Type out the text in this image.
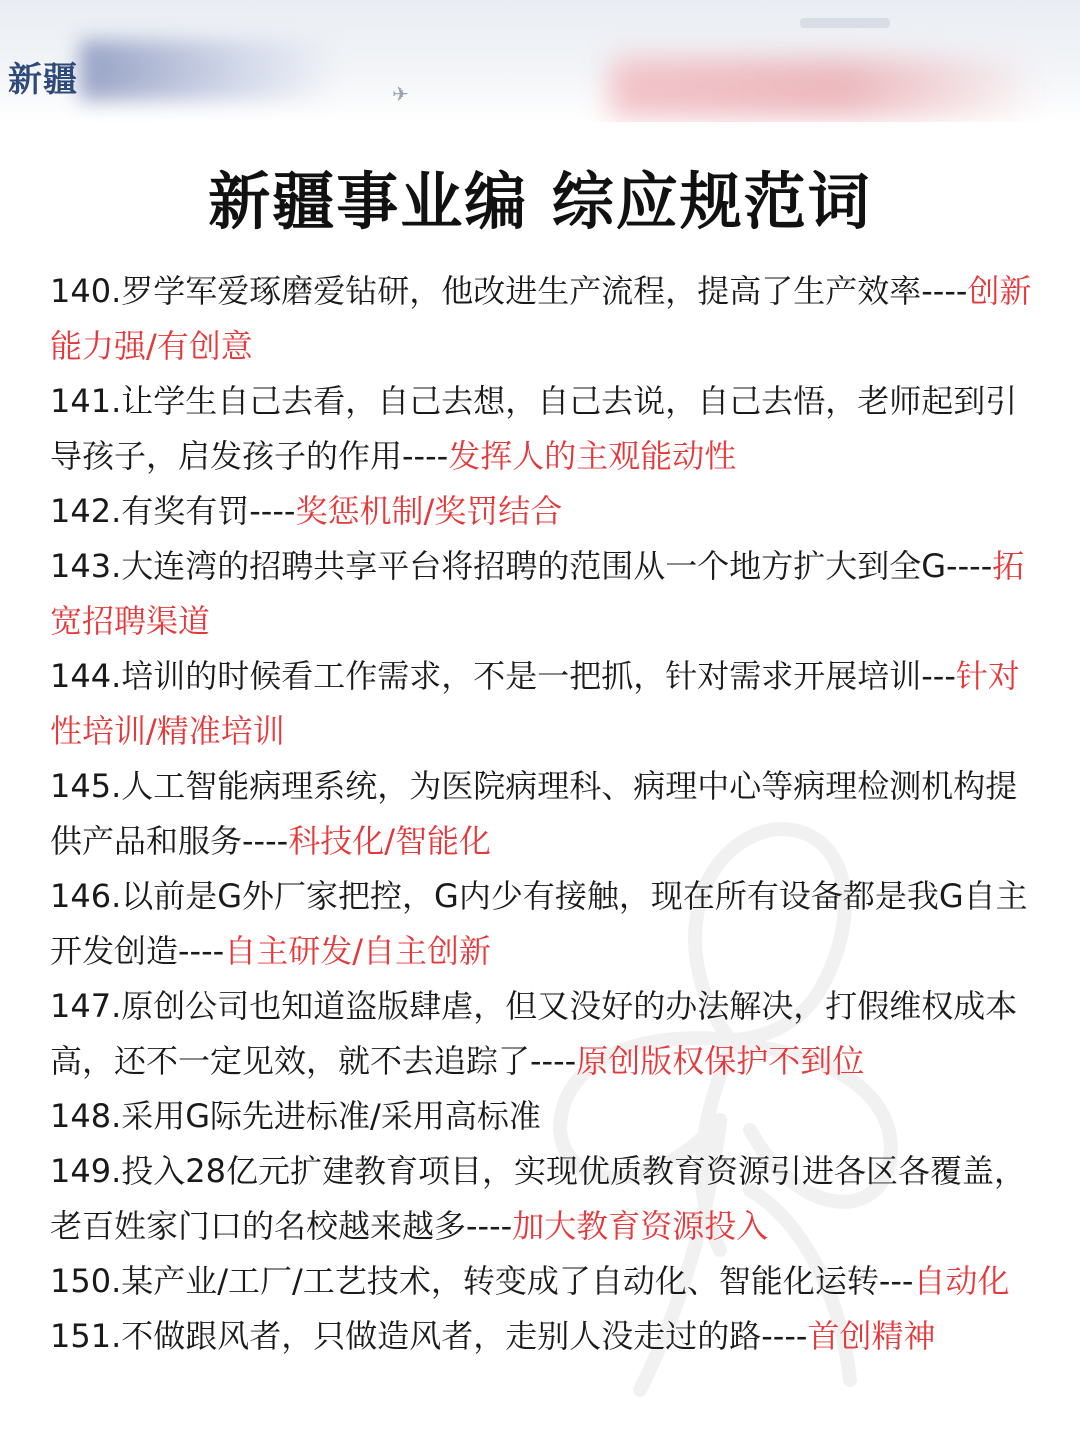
✈
新疆
新疆事业编 综应规范词
140.罗学军爱琢磨爱钻研，他改进生产流程，提高了生产效率----创新能力强/有创意
141.让学生自己去看，自己去想，自己去说，自己去悟，老师起到引导孩子，启发孩子的作用----发挥人的主观能动性
142.有奖有罚----奖惩机制/奖罚结合
143.大连湾的招聘共享平台将招聘的范围从一个地方扩大到全G----拓宽招聘渠道
144.培训的时候看工作需求，不是一把抓，针对需求开展培训---针对性培训/精准培训
145.人工智能病理系统，为医院病理科、病理中心等病理检测机构提供产品和服务----科技化/智能化
146.以前是G外厂家把控，G内少有接触，现在所有设备都是我G自主开发创造----自主研发/自主创新
147.原创公司也知道盗版肆虐，但又没好的办法解决，打假维权成本高，还不一定见效，就不去追踪了----原创版权保护不到位
148.采用G际先进标准/采用高标准
149.投入28亿元扩建教育项目，实现优质教育资源引进各区各覆盖，老百姓家门口的名校越来越多----加大教育资源投入
150.某产业/工厂/工艺技术，转变成了自动化、智能化运转---自动化
151.不做跟风者，只做造风者，走别人没走过的路----首创精神
